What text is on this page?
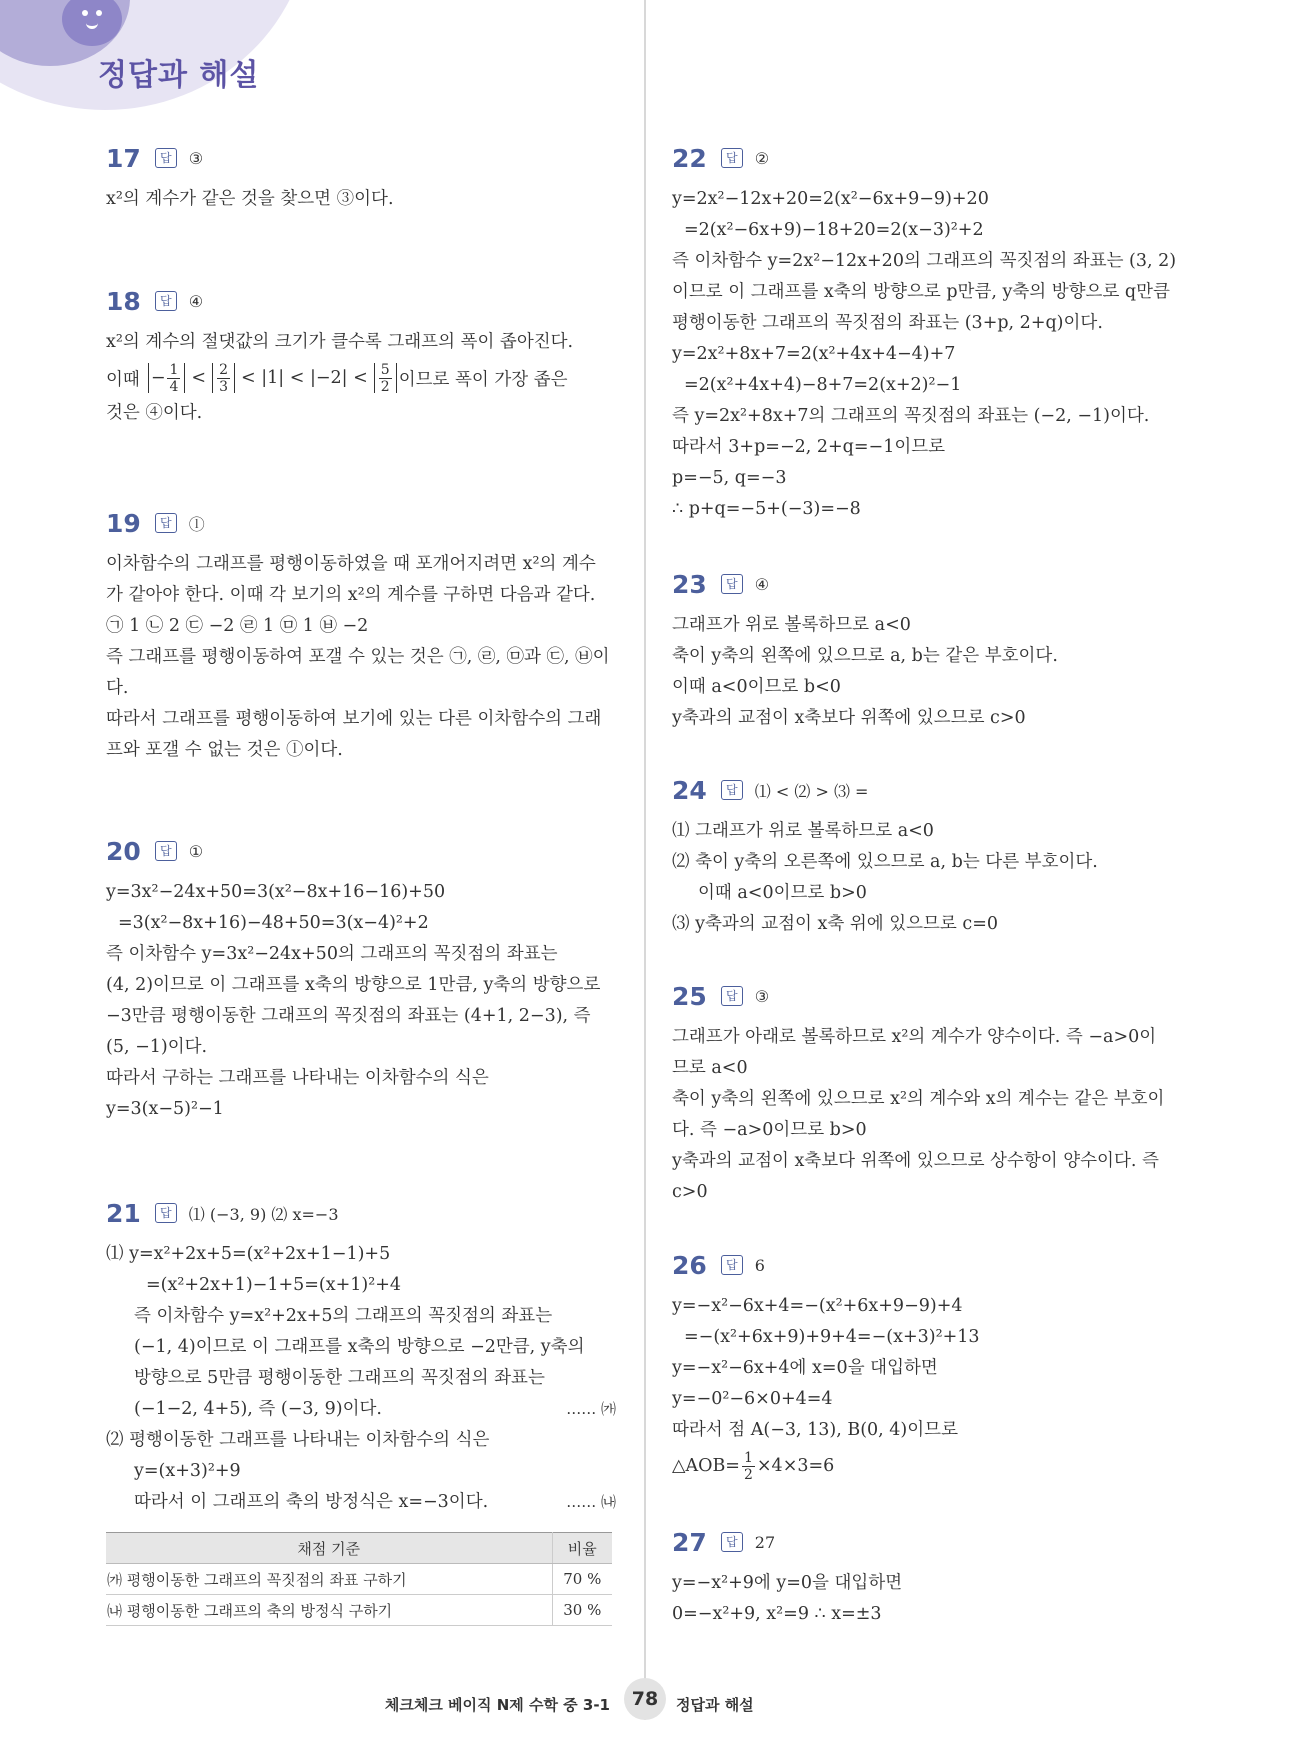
정답과 해설
17	답	③
x²의 계수가 같은 것을 찾으면 ③이다.
18	답	④
x²의 계수의 절댓값의 크기가 클수록 그래프의 폭이 좁아진다.
이때 − $\frac{1}{4} < \frac{2}{3} < |1| < |-2| < \frac{5}{2}$ 이므로 폭이 가장 좁은
것은 ④이다.
19	답	ⓛ
이차함수의 그래프를 평행이동하였을 때 포개어지려면 x²의 계수
가 같아야 한다. 이때 각 보기의 x²의 계수를 구하면 다음과 같다.
㉠ 1 ㉡ 2 ㉢ −2 ㉣ 1 ㉤ 1 ㉥ −2
즉 그래프를 평행이동하여 포갤 수 있는 것은 ㉠, ㉣, ㉤과 ㉢, ㉥이
다.
따라서 그래프를 평행이동하여 보기에 있는 다른 이차함수의 그래
프와 포갤 수 없는 것은 ⓛ이다.
20	답	①
y=3x²−24x+50=3(x²−8x+16−16)+50
=3(x²−8x+16)−48+50=3(x−4)²+2
즉 이차함수 y=3x²−24x+50의 그래프의 꼭짓점의 좌표는
(4, 2)이므로 이 그래프를 x축의 방향으로 1만큼, y축의 방향으로
−3만큼 평행이동한 그래프의 꼭짓점의 좌표는 (4+1, 2−3), 즉
(5, −1)이다.
따라서 구하는 그래프를 나타내는 이차함수의 식은
y=3(x−5)²−1
21	답	⑴ (−3, 9) ⑵ x=−3
⑴ y=x²+2x+5=(x²+2x+1−1)+5
=(x²+2x+1)−1+5=(x+1)²+4
즉 이차함수 y=x²+2x+5의 그래프의 꼭짓점의 좌표는
(−1, 4)이므로 이 그래프를 x축의 방향으로 −2만큼, y축의
방향으로 5만큼 평행이동한 그래프의 꼭짓점의 좌표는
(−1−2, 4+5), 즉 (−3, 9)이다.	…… ㈎
⑵ 평행이동한 그래프를 나타내는 이차함수의 식은
y=(x+3)²+9
따라서 이 그래프의 축의 방정식은 x=−3이다.	…… ㈏
채점 기준	비율
㈎ 평행이동한 그래프의 꼭짓점의 좌표 구하기	70 %
㈏ 평행이동한 그래프의 축의 방정식 구하기	30 %
22	답	②
y=2x²−12x+20=2(x²−6x+9−9)+20
=2(x²−6x+9)−18+20=2(x−3)²+2
즉 이차함수 y=2x²−12x+20의 그래프의 꼭짓점의 좌표는 (3, 2)
이므로 이 그래프를 x축의 방향으로 p만큼, y축의 방향으로 q만큼
평행이동한 그래프의 꼭짓점의 좌표는 (3+p, 2+q)이다.
y=2x²+8x+7=2(x²+4x+4−4)+7
=2(x²+4x+4)−8+7=2(x+2)²−1
즉 y=2x²+8x+7의 그래프의 꼭짓점의 좌표는 (−2, −1)이다.
따라서 3+p=−2, 2+q=−1이므로
p=−5, q=−3
∴ p+q=−5+(−3)=−8
23	답	④
그래프가 위로 볼록하므로 a<0
축이 y축의 왼쪽에 있으므로 a, b는 같은 부호이다.
이때 a<0이므로 b<0
y축과의 교점이 x축보다 위쪽에 있으므로 c>0
24	답	⑴ < ⑵ > ⑶ =
⑴ 그래프가 위로 볼록하므로 a<0
⑵ 축이 y축의 오른쪽에 있으므로 a, b는 다른 부호이다.
이때 a<0이므로 b>0
⑶ y축과의 교점이 x축 위에 있으므로 c=0
25	답	③
그래프가 아래로 볼록하므로 x²의 계수가 양수이다. 즉 −a>0이
므로 a<0
축이 y축의 왼쪽에 있으므로 x²의 계수와 x의 계수는 같은 부호이
다. 즉 −a>0이므로 b>0
y축과의 교점이 x축보다 위쪽에 있으므로 상수항이 양수이다. 즉
c>0
26	답	6
y=−x²−6x+4=−(x²+6x+9−9)+4
=−(x²+6x+9)+9+4=−(x+3)²+13
y=−x²−6x+4에 x=0을 대입하면
y=−0²−6×0+4=4
따라서 점 A(−3, 13), B(0, 4)이므로
△AOB= $\frac{1}{2} \times 4\times 3=6$
27	답	27
y=−x²+9에 y=0을 대입하면
0=−x²+9, x²=9 ∴ x=±3
체크체크 베이직 N제 수학 중 3-1	78	정답과 해설
